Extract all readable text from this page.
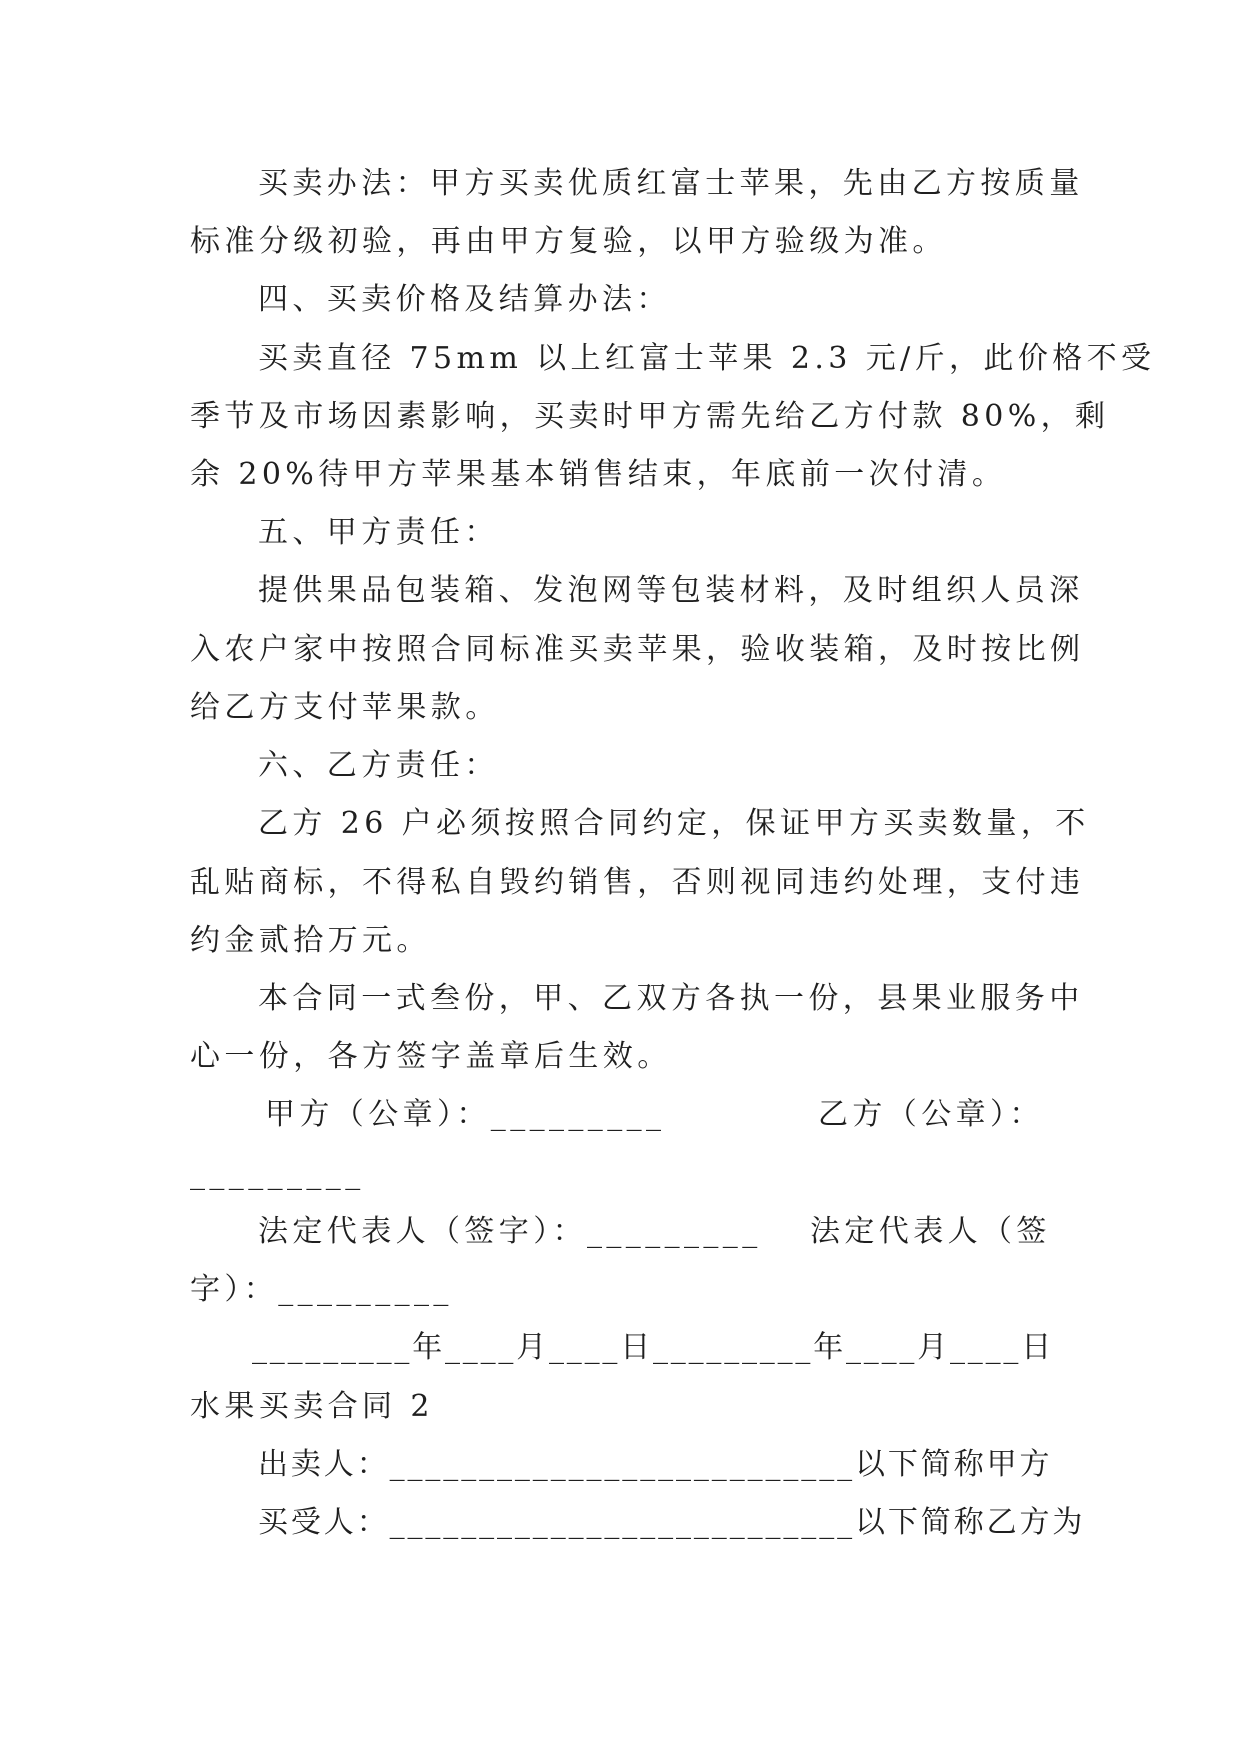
买卖办法：甲方买卖优质红富士苹果，先由乙方按质量
标准分级初验，再由甲方复验，以甲方验级为准。
四、买卖价格及结算办法：
买卖直径 75mm 以上红富士苹果 2.3 元/斤，此价格不受
季节及市场因素影响，买卖时甲方需先给乙方付款 80%，剩
余 20%待甲方苹果基本销售结束，年底前一次付清。
五、甲方责任：
提供果品包装箱、发泡网等包装材料，及时组织人员深
入农户家中按照合同标准买卖苹果，验收装箱，及时按比例
给乙方支付苹果款。
六、乙方责任：
乙方 26 户必须按照合同约定，保证甲方买卖数量，不
乱贴商标，不得私自毁约销售，否则视同违约处理，支付违
约金贰拾万元。
本合同一式叁份，甲、乙双方各执一份，县果业服务中
心一份，各方签字盖章后生效。
甲方（公章）：_________	乙方（公章）：
_________
法定代表人（签字）：_________ 法定代表人（签
字）：_________
_________年____月____日_________年____月____日
水果买卖合同 2
出卖人：__________________________以下简称甲方
买受人：__________________________以下简称乙方为
